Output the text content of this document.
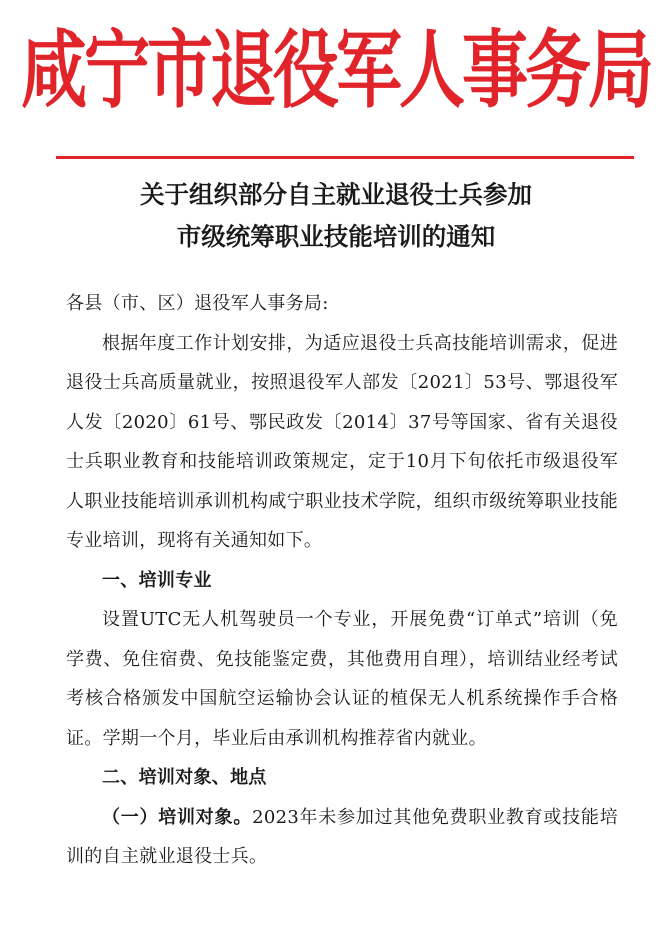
咸宁市退役军人事务局
关于组织部分自主就业退役士兵参加
市级统筹职业技能培训的通知

各县（市、区）退役军人事务局:

根据年度工作计划安排，为适应退役士兵高技能培训需求，促进退役士兵高质量就业，按照退役军人部发〔2021〕53号、鄂退役军人发〔2020〕61号、鄂民政发〔2014〕37号等国家、省有关退役士兵职业教育和技能培训政策规定，定于10月下旬依托市级退役军人职业技能培训承训机构咸宁职业技术学院，组织市级统筹职业技能专业培训，现将有关通知如下。

一、培训专业

设置UTC无人机驾驶员一个专业，开展免费“订单式”培训（免学费、免住宿费、免技能鉴定费，其他费用自理），培训结业经考试考核合格颁发中国航空运输协会认证的植保无人机系统操作手合格证。学期一个月，毕业后由承训机构推荐省内就业。

二、培训对象、地点

（一）培训对象。2023年未参加过其他免费职业教育或技能培训的自主就业退役士兵。
